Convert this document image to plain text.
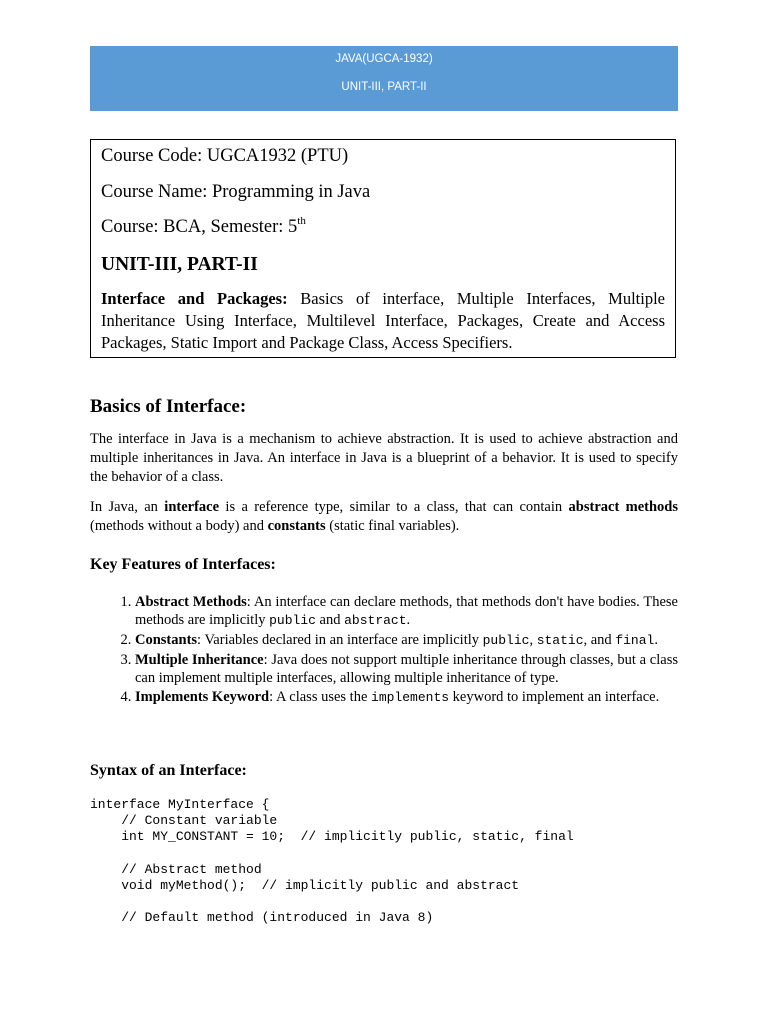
JAVA(UGCA-1932)
UNIT-III, PART-II
Course Code: UGCA1932 (PTU)
Course Name: Programming in Java
Course: BCA, Semester: 5th
UNIT-III, PART-II
Interface and Packages: Basics of interface, Multiple Interfaces, Multiple Inheritance Using Interface, Multilevel Interface, Packages, Create and Access Packages, Static Import and Package Class, Access Specifiers.
Basics of Interface:

The interface in Java is a mechanism to achieve abstraction. It is used to achieve abstraction and multiple inheritances in Java. An interface in Java is a blueprint of a behavior. It is used to specify the behavior of a class.

In Java, an interface is a reference type, similar to a class, that can contain abstract methods (methods without a body) and constants (static final variables).

Key Features of Interfaces:
1. Abstract Methods: An interface can declare methods, that methods don't have bodies. These methods are implicitly public and abstract.
2. Constants: Variables declared in an interface are implicitly public, static, and final.
3. Multiple Inheritance: Java does not support multiple inheritance through classes, but a class can implement multiple interfaces, allowing multiple inheritance of type.
4. Implements Keyword: A class uses the implements keyword to implement an interface.
Syntax of an Interface:
interface MyInterface {
// Constant variable
int MY_CONSTANT = 10;  // implicitly public, static, final

// Abstract method
void myMethod();  // implicitly public and abstract

// Default method (introduced in Java 8)
